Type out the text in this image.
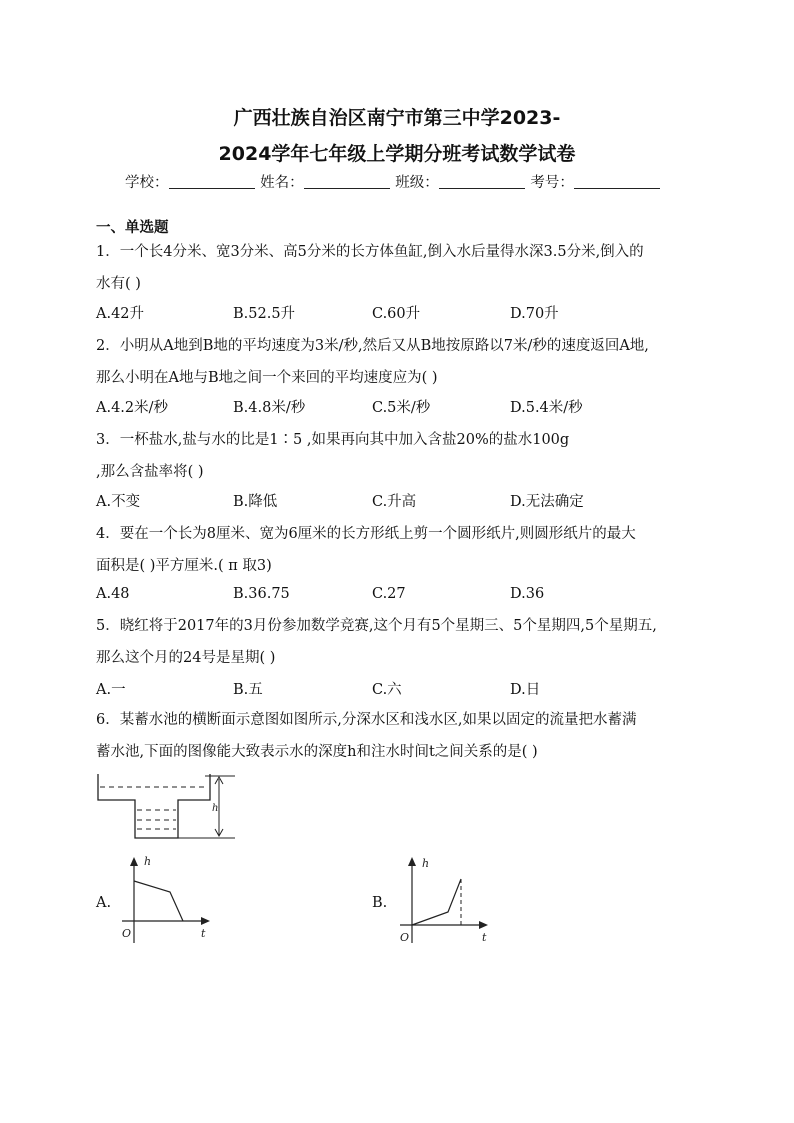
广西壮族自治区南宁市第三中学2023-
2024学年七年级上学期分班考试数学试卷
学校：	姓名：	班级：	考号：
一、单选题
1．一个长4分米、宽3分米、高5分米的长方体鱼缸,倒入水后量得水深3.5分米,倒入的
水有( )
A.42升	B.52.5升	C.60升	D.70升
2．小明从A地到B地的平均速度为3米/秒,然后又从B地按原路以7米/秒的速度返回A地,
那么小明在A地与B地之间一个来回的平均速度应为( )
A.4.2米/秒	B.4.8米/秒	C.5米/秒	D.5.4米/秒
3．一杯盐水,盐与水的比是1∶5 ,如果再向其中加入含盐20%的盐水100g
,那么含盐率将( )
A.不变	B.降低	C.升高	D.无法确定
4．要在一个长为8厘米、宽为6厘米的长方形纸上剪一个圆形纸片,则圆形纸片的最大
面积是( )平方厘米.( π 取3)
A.48	B.36.75	C.27	D.36
5．晓红将于2017年的3月份参加数学竞赛,这个月有5个星期三、5个星期四,5个星期五,
那么这个月的24号是星期( )
A.一	B.五	C.六	D.日
6．某蓄水池的横断面示意图如图所示,分深水区和浅水区,如果以固定的流量把水蓄满
蓄水池,下面的图像能大致表示水的深度h和注水时间t之间关系的是( )
h
A.
h
t
O
B.
h
t
O
